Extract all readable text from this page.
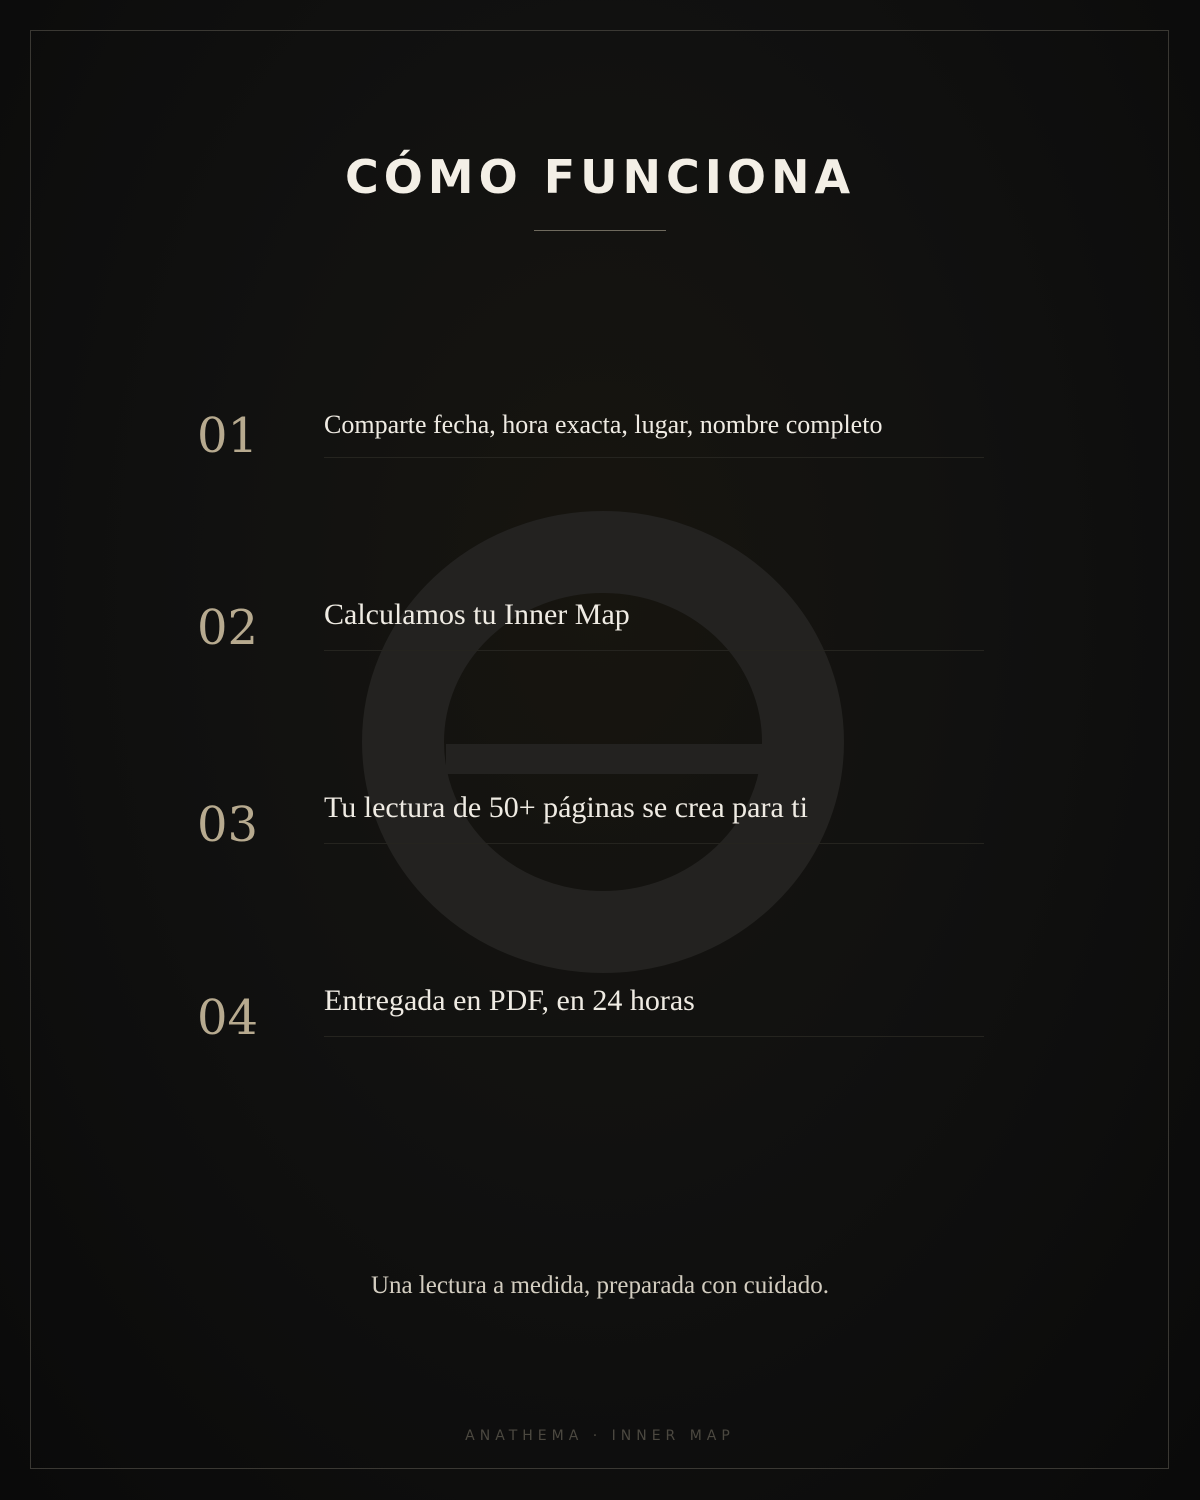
CÓMO FUNCIONA
01	Comparte fecha, hora exacta, lugar, nombre completo
02	Calculamos tu Inner Map
03	Tu lectura de 50+ páginas se crea para ti
04	Entregada en PDF, en 24 horas

Una lectura a medida, preparada con cuidado.

ANATHEMA · INNER MAP
